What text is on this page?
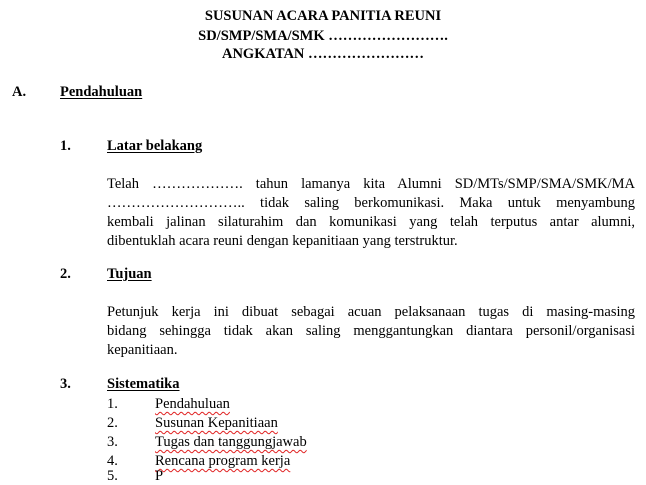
SUSUNAN ACARA PANITIA REUNI
SD/SMP/SMA/SMK …………………….
ANGKATAN ……………………
A. Pendahuluan
1. Latar belakang
Telah ………………. tahun lamanya kita Alumni SD/MTs/SMP/SMA/SMK/MA
……………………….. tidak saling berkomunikasi. Maka untuk menyambung
kembali jalinan silaturahim dan komunikasi yang telah terputus antar alumni,
dibentuklah acara reuni dengan kepanitiaan yang terstruktur.
2. Tujuan
Petunjuk kerja ini dibuat sebagai acuan pelaksanaan tugas di masing-masing
bidang sehingga tidak akan saling menggantungkan diantara personil/organisasi
kepanitiaan.
3. Sistematika
1.	Pendahuluan
2.	Susunan Kepanitiaan
3.	Tugas dan tanggungjawab
4.	Rencana program kerja
5.	P
